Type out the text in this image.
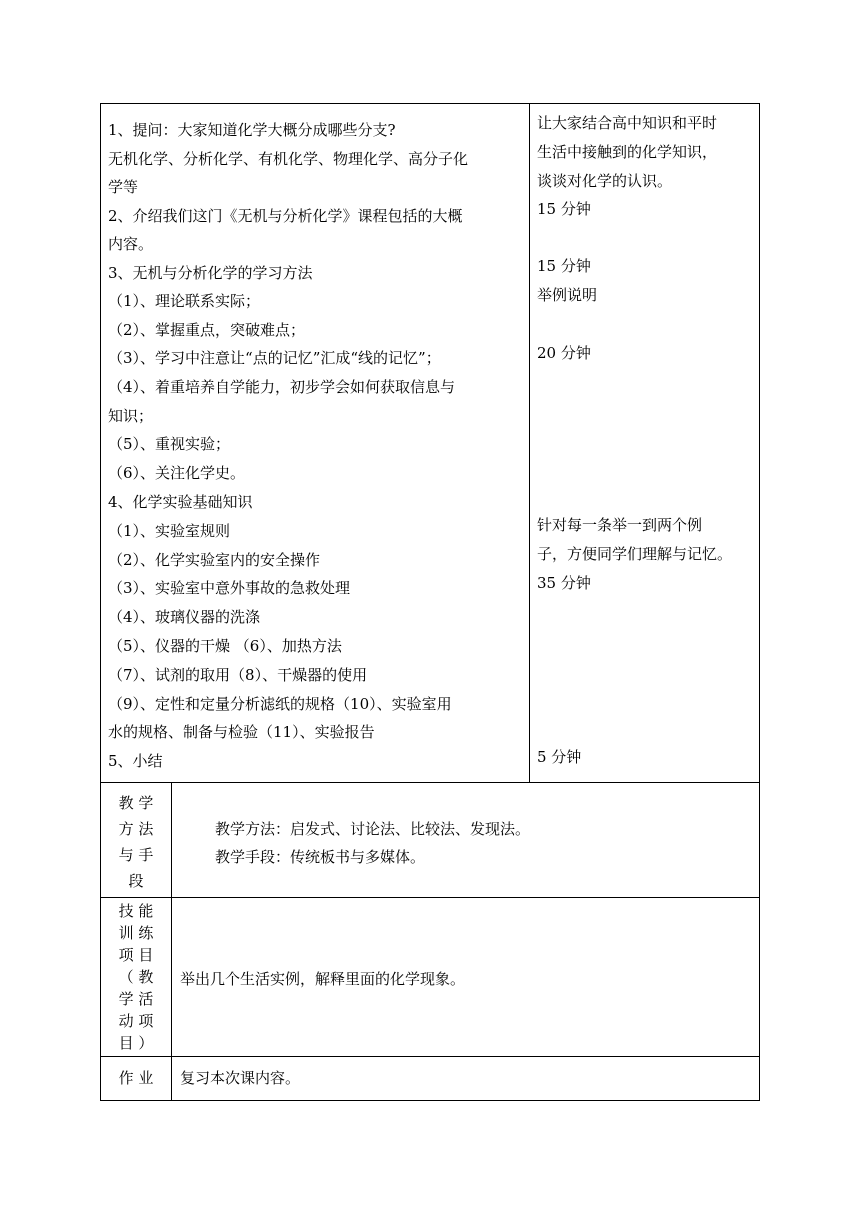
1、提问：大家知道化学大概分成哪些分支?
无机化学、分析化学、有机化学、物理化学、高分子化
学等
2、介绍我们这门《无机与分析化学》课程包括的大概
内容。
3、无机与分析化学的学习方法
（1）、理论联系实际；
（2）、掌握重点，突破难点；
（3）、学习中注意让“点的记忆”汇成“线的记忆”；
（4）、着重培养自学能力，初步学会如何获取信息与
知识；
（5）、重视实验；
（6）、关注化学史。
4、化学实验基础知识
（1）、实验室规则
（2）、化学实验室内的安全操作
（3）、实验室中意外事故的急救处理
（4）、玻璃仪器的洗涤
（5）、仪器的干燥 （6）、加热方法
（7）、试剂的取用（8）、干燥器的使用
（9）、定性和定量分析滤纸的规格（10）、实验室用
水的规格、制备与检验（11）、实验报告
5、小结
让大家结合高中知识和平时
生活中接触到的化学知识，
谈谈对化学的认识。
15 分钟
15 分钟
举例说明
20 分钟
针对每一条举一到两个例
子，方便同学们理解与记忆。
35 分钟
5 分钟
教 学
方 法
与 手
段
教学方法：启发式、讨论法、比较法、发现法。
教学手段：传统板书与多媒体。
技 能
训 练
项 目
（ 教
学 活
动 项
目 ）
举出几个生活实例，解释里面的化学现象。
作 业	复习本次课内容。
